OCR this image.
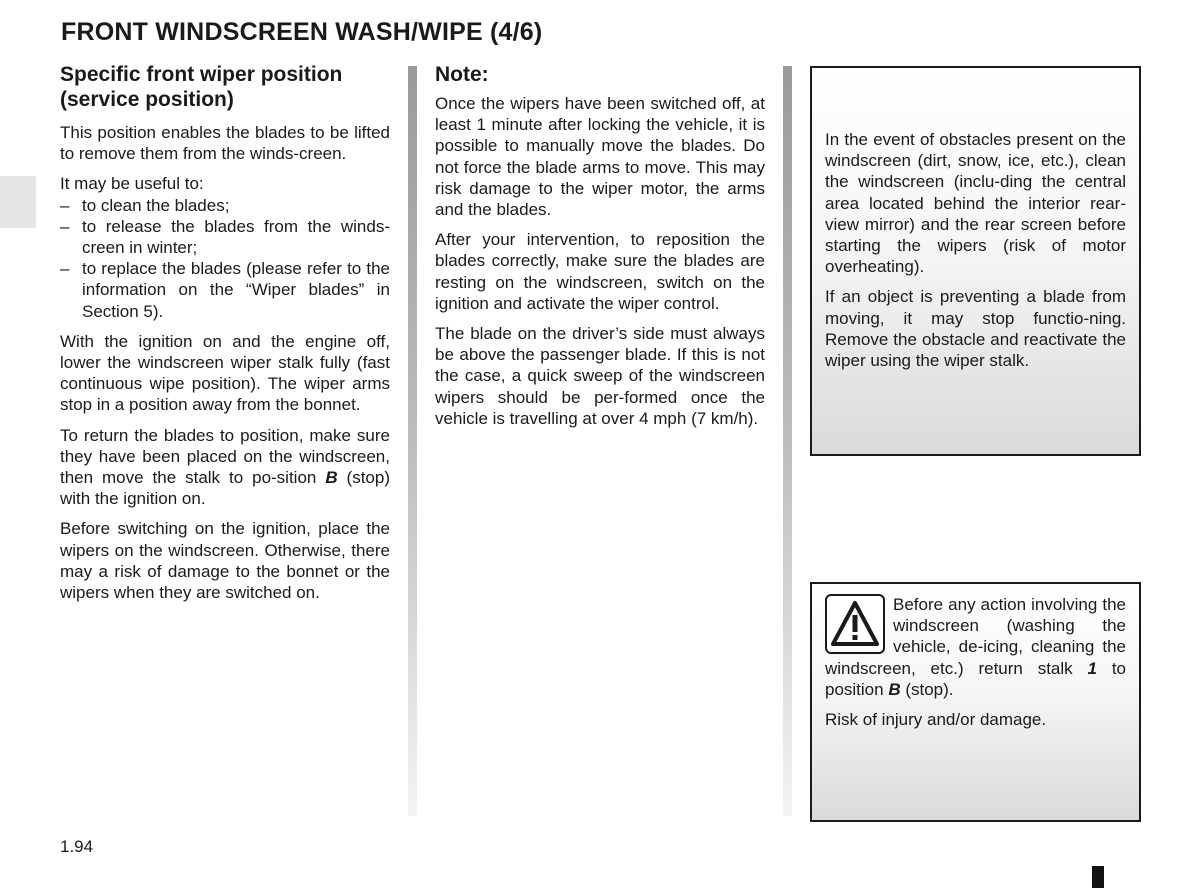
FRONT WINDSCREEN WASH/WIPE (4/6)
Specific front wiper position (service position)

This position enables the blades to be lifted to remove them from the winds-creen.

It may be useful to:

– to clean the blades;
– to release the blades from the winds-creen in winter;
– to replace the blades (please refer to the information on the “Wiper blades” in Section 5).

With the ignition on and the engine off, lower the windscreen wiper stalk fully (fast continuous wipe position). The wiper arms stop in a position away from the bonnet.

To return the blades to position, make sure they have been placed on the windscreen, then move the stalk to po-sition B (stop) with the ignition on.

Before switching on the ignition, place the wipers on the windscreen. Otherwise, there may a risk of damage to the bonnet or the wipers when they are switched on.

Note:

Once the wipers have been switched off, at least 1 minute after locking the vehicle, it is possible to manually move the blades. Do not force the blade arms to move. This may risk damage to the wiper motor, the arms and the blades.

After your intervention, to reposition the blades correctly, make sure the blades are resting on the windscreen, switch on the ignition and activate the wiper control.

The blade on the driver’s side must always be above the passenger blade. If this is not the case, a quick sweep of the windscreen wipers should be per-formed once the vehicle is travelling at over 4 mph (7 km/h).

In the event of obstacles present on the windscreen (dirt, snow, ice, etc.), clean the windscreen (inclu-ding the central area located behind the interior rear-view mirror) and the rear screen before starting the wipers (risk of motor overheating).

If an object is preventing a blade from moving, it may stop functio-ning. Remove the obstacle and reactivate the wiper using the wiper stalk.

Before any action involving the windscreen (washing the vehicle, de-icing, cleaning the windscreen, etc.) return stalk 1 to position B (stop).

Risk of injury and/or damage.

1.94
